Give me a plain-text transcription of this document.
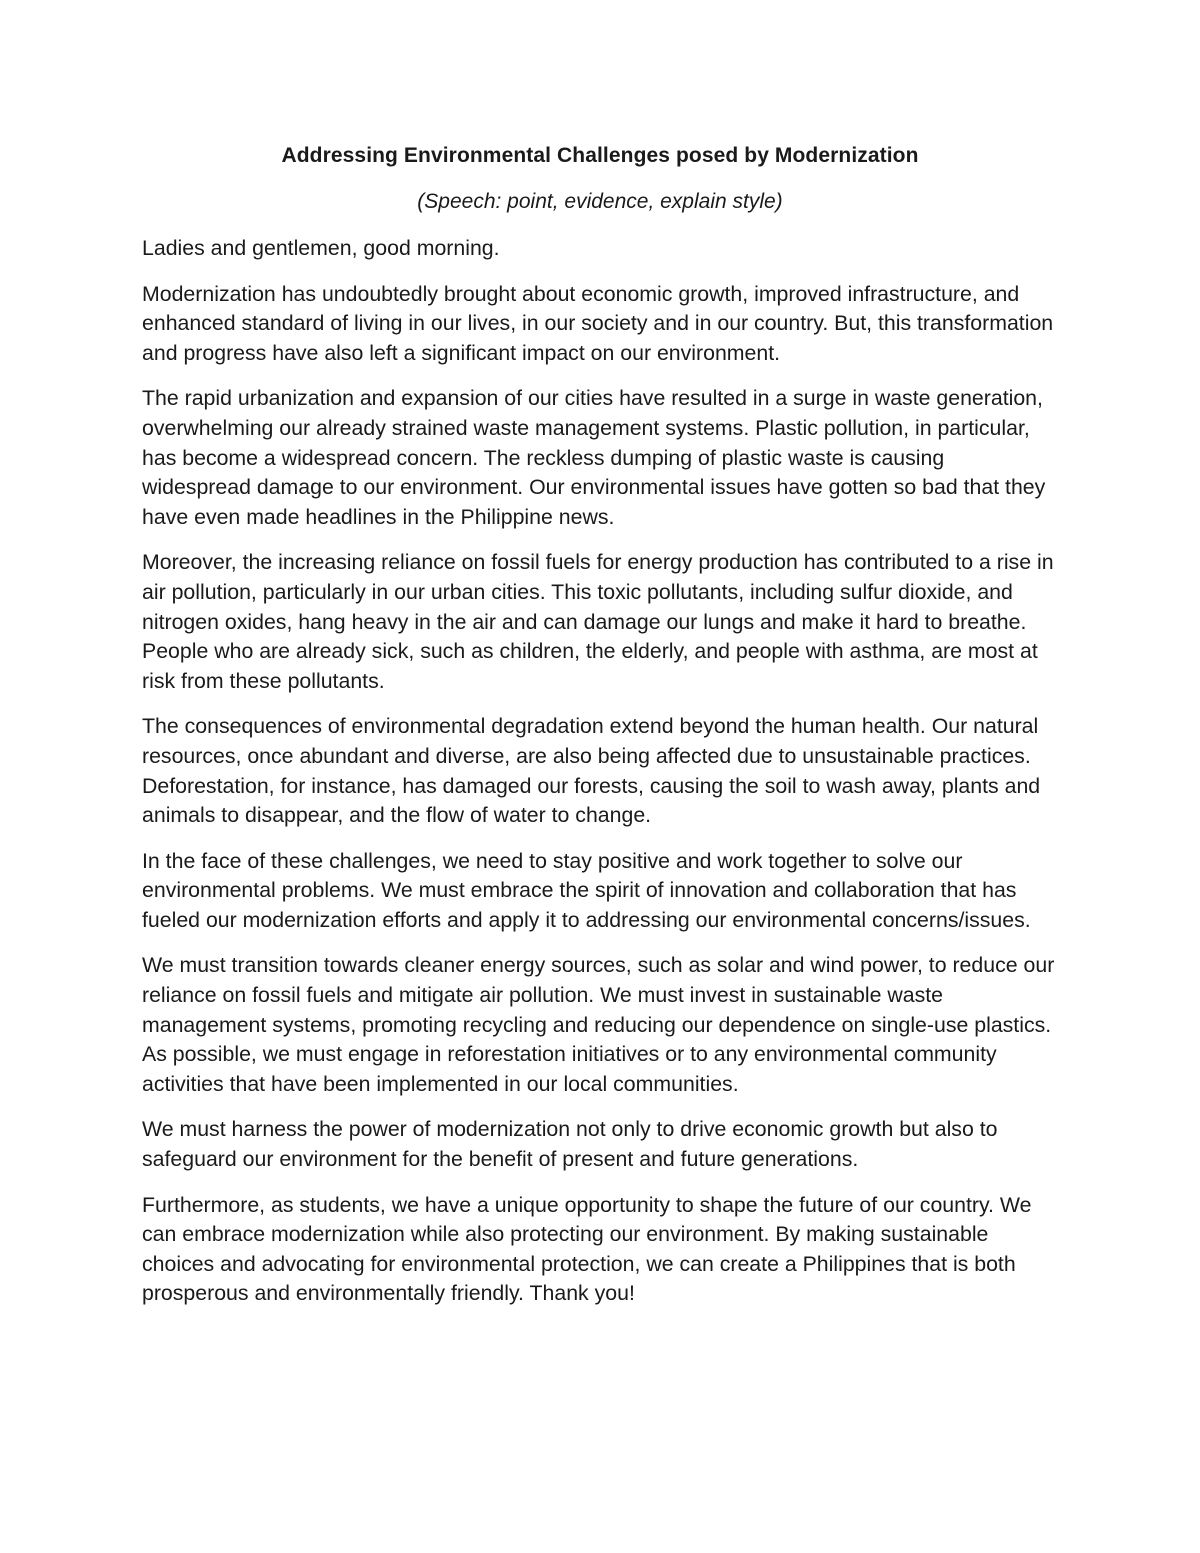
Addressing Environmental Challenges posed by Modernization

(Speech: point, evidence, explain style)

Ladies and gentlemen, good morning.

Modernization has undoubtedly brought about economic growth, improved infrastructure, and enhanced standard of living in our lives, in our society and in our country. But, this transformation and progress have also left a significant impact on our environment.

The rapid urbanization and expansion of our cities have resulted in a surge in waste generation, overwhelming our already strained waste management systems. Plastic pollution, in particular, has become a widespread concern. The reckless dumping of plastic waste is causing widespread damage to our environment. Our environmental issues have gotten so bad that they have even made headlines in the Philippine news.

Moreover, the increasing reliance on fossil fuels for energy production has contributed to a rise in air pollution, particularly in our urban cities. This toxic pollutants, including sulfur dioxide, and nitrogen oxides, hang heavy in the air and can damage our lungs and make it hard to breathe. People who are already sick, such as children, the elderly, and people with asthma, are most at risk from these pollutants.

The consequences of environmental degradation extend beyond the human health. Our natural resources, once abundant and diverse, are also being affected due to unsustainable practices. Deforestation, for instance, has damaged our forests, causing the soil to wash away, plants and animals to disappear, and the flow of water to change.

In the face of these challenges, we need to stay positive and work together to solve our environmental problems. We must embrace the spirit of innovation and collaboration that has fueled our modernization efforts and apply it to addressing our environmental concerns/issues.

We must transition towards cleaner energy sources, such as solar and wind power, to reduce our reliance on fossil fuels and mitigate air pollution. We must invest in sustainable waste management systems, promoting recycling and reducing our dependence on single-use plastics. As possible, we must engage in reforestation initiatives or to any environmental community activities that have been implemented in our local communities.

We must harness the power of modernization not only to drive economic growth but also to safeguard our environment for the benefit of present and future generations.

Furthermore, as students, we have a unique opportunity to shape the future of our country. We can embrace modernization while also protecting our environment. By making sustainable choices and advocating for environmental protection, we can create a Philippines that is both prosperous and environmentally friendly. Thank you!
